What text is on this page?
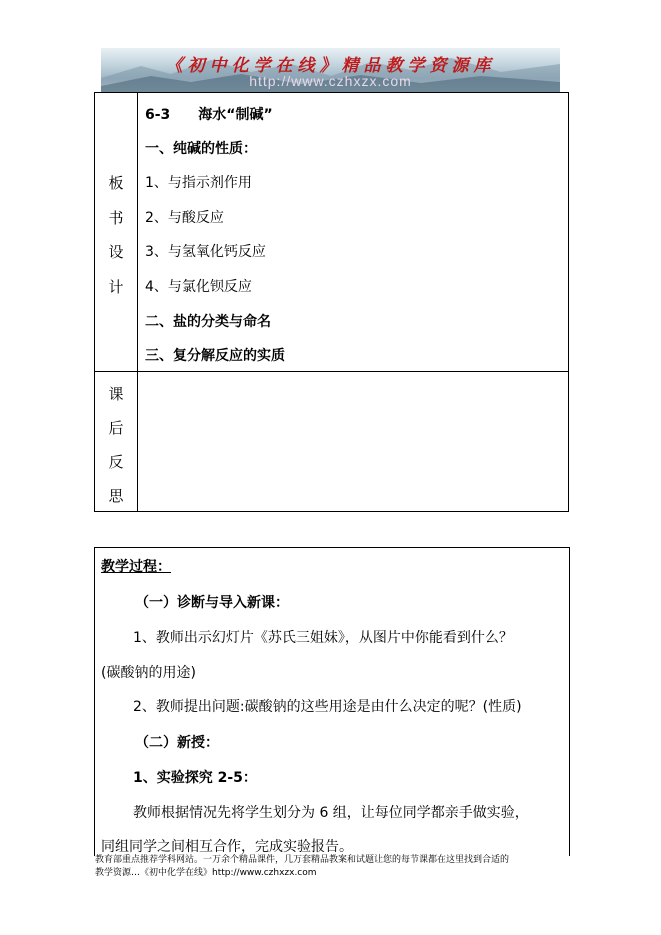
《初中化学在线》精品教学资源库
http://www.czhxzx.com
板
书
设
计
6-3　　海水“制碱”
一、纯碱的性质：
1、与指示剂作用
2、与酸反应
3、与氢氧化钙反应
4、与氯化钡反应
二、盐的分类与命名
三、复分解反应的实质
课
后
反
思
教学过程：
（一）诊断与导入新课：
1、教师出示幻灯片《苏氏三姐妹》，从图片中你能看到什么？
(碳酸钠的用途)
2、教师提出问题:碳酸钠的这些用途是由什么决定的呢？(性质)
（二）新授：
1、实验探究 2-5：
教师根据情况先将学生划分为 6 组，让每位同学都亲手做实验，
同组同学之间相互合作，完成实验报告。
教育部重点推荐学科网站。一万余个精品课件，几万套精品教案和试题让您的每节课都在这里找到合适的
教学资源…《初中化学在线》http://www.czhxzx.com
